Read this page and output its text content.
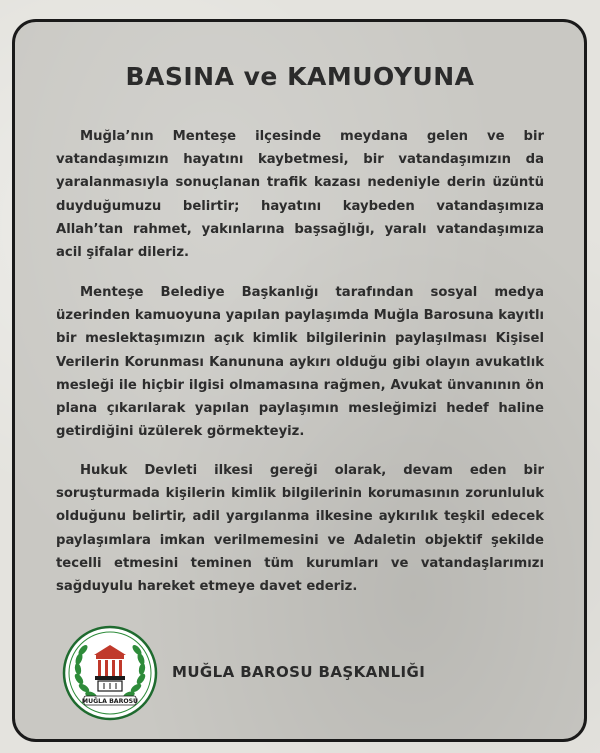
BASINA ve KAMUOYUNA

Muğla’nın Menteşe ilçesinde meydana gelen ve bir vatandaşımızın hayatını kaybetmesi, bir vatandaşımızın da yaralanmasıyla sonuçlanan trafik kazası nedeniyle derin üzüntü duyduğumuzu belirtir; hayatını kaybeden vatandaşımıza Allah’tan rahmet, yakınlarına başsağlığı, yaralı vatandaşımıza acil şifalar dileriz.

Menteşe Belediye Başkanlığı tarafından sosyal medya üzerinden kamuoyuna yapılan paylaşımda Muğla Barosuna kayıtlı bir meslektaşımızın açık kimlik bilgilerinin paylaşılması Kişisel Verilerin Korunması Kanununa aykırı olduğu gibi olayın avukatlık mesleği ile hiçbir ilgisi olmamasına rağmen, Avukat ünvanının ön plana çıkarılarak yapılan paylaşımın mesleğimizi hedef haline getirdiğini üzülerek görmekteyiz.

Hukuk Devleti ilkesi gereği olarak, devam eden bir soruşturmada kişilerin kimlik bilgilerinin korumasının zorunluluk olduğunu belirtir, adil yargılanma ilkesine aykırılık teşkil edecek paylaşımlara imkan verilmemesini ve Adaletin objektif şekilde tecelli etmesini teminen tüm kurumları ve vatandaşlarımızı sağduyulu hareket etmeye davet ederiz.

MUĞLA BAROSU

MUĞLA BAROSU BAŞKANLIĞI
